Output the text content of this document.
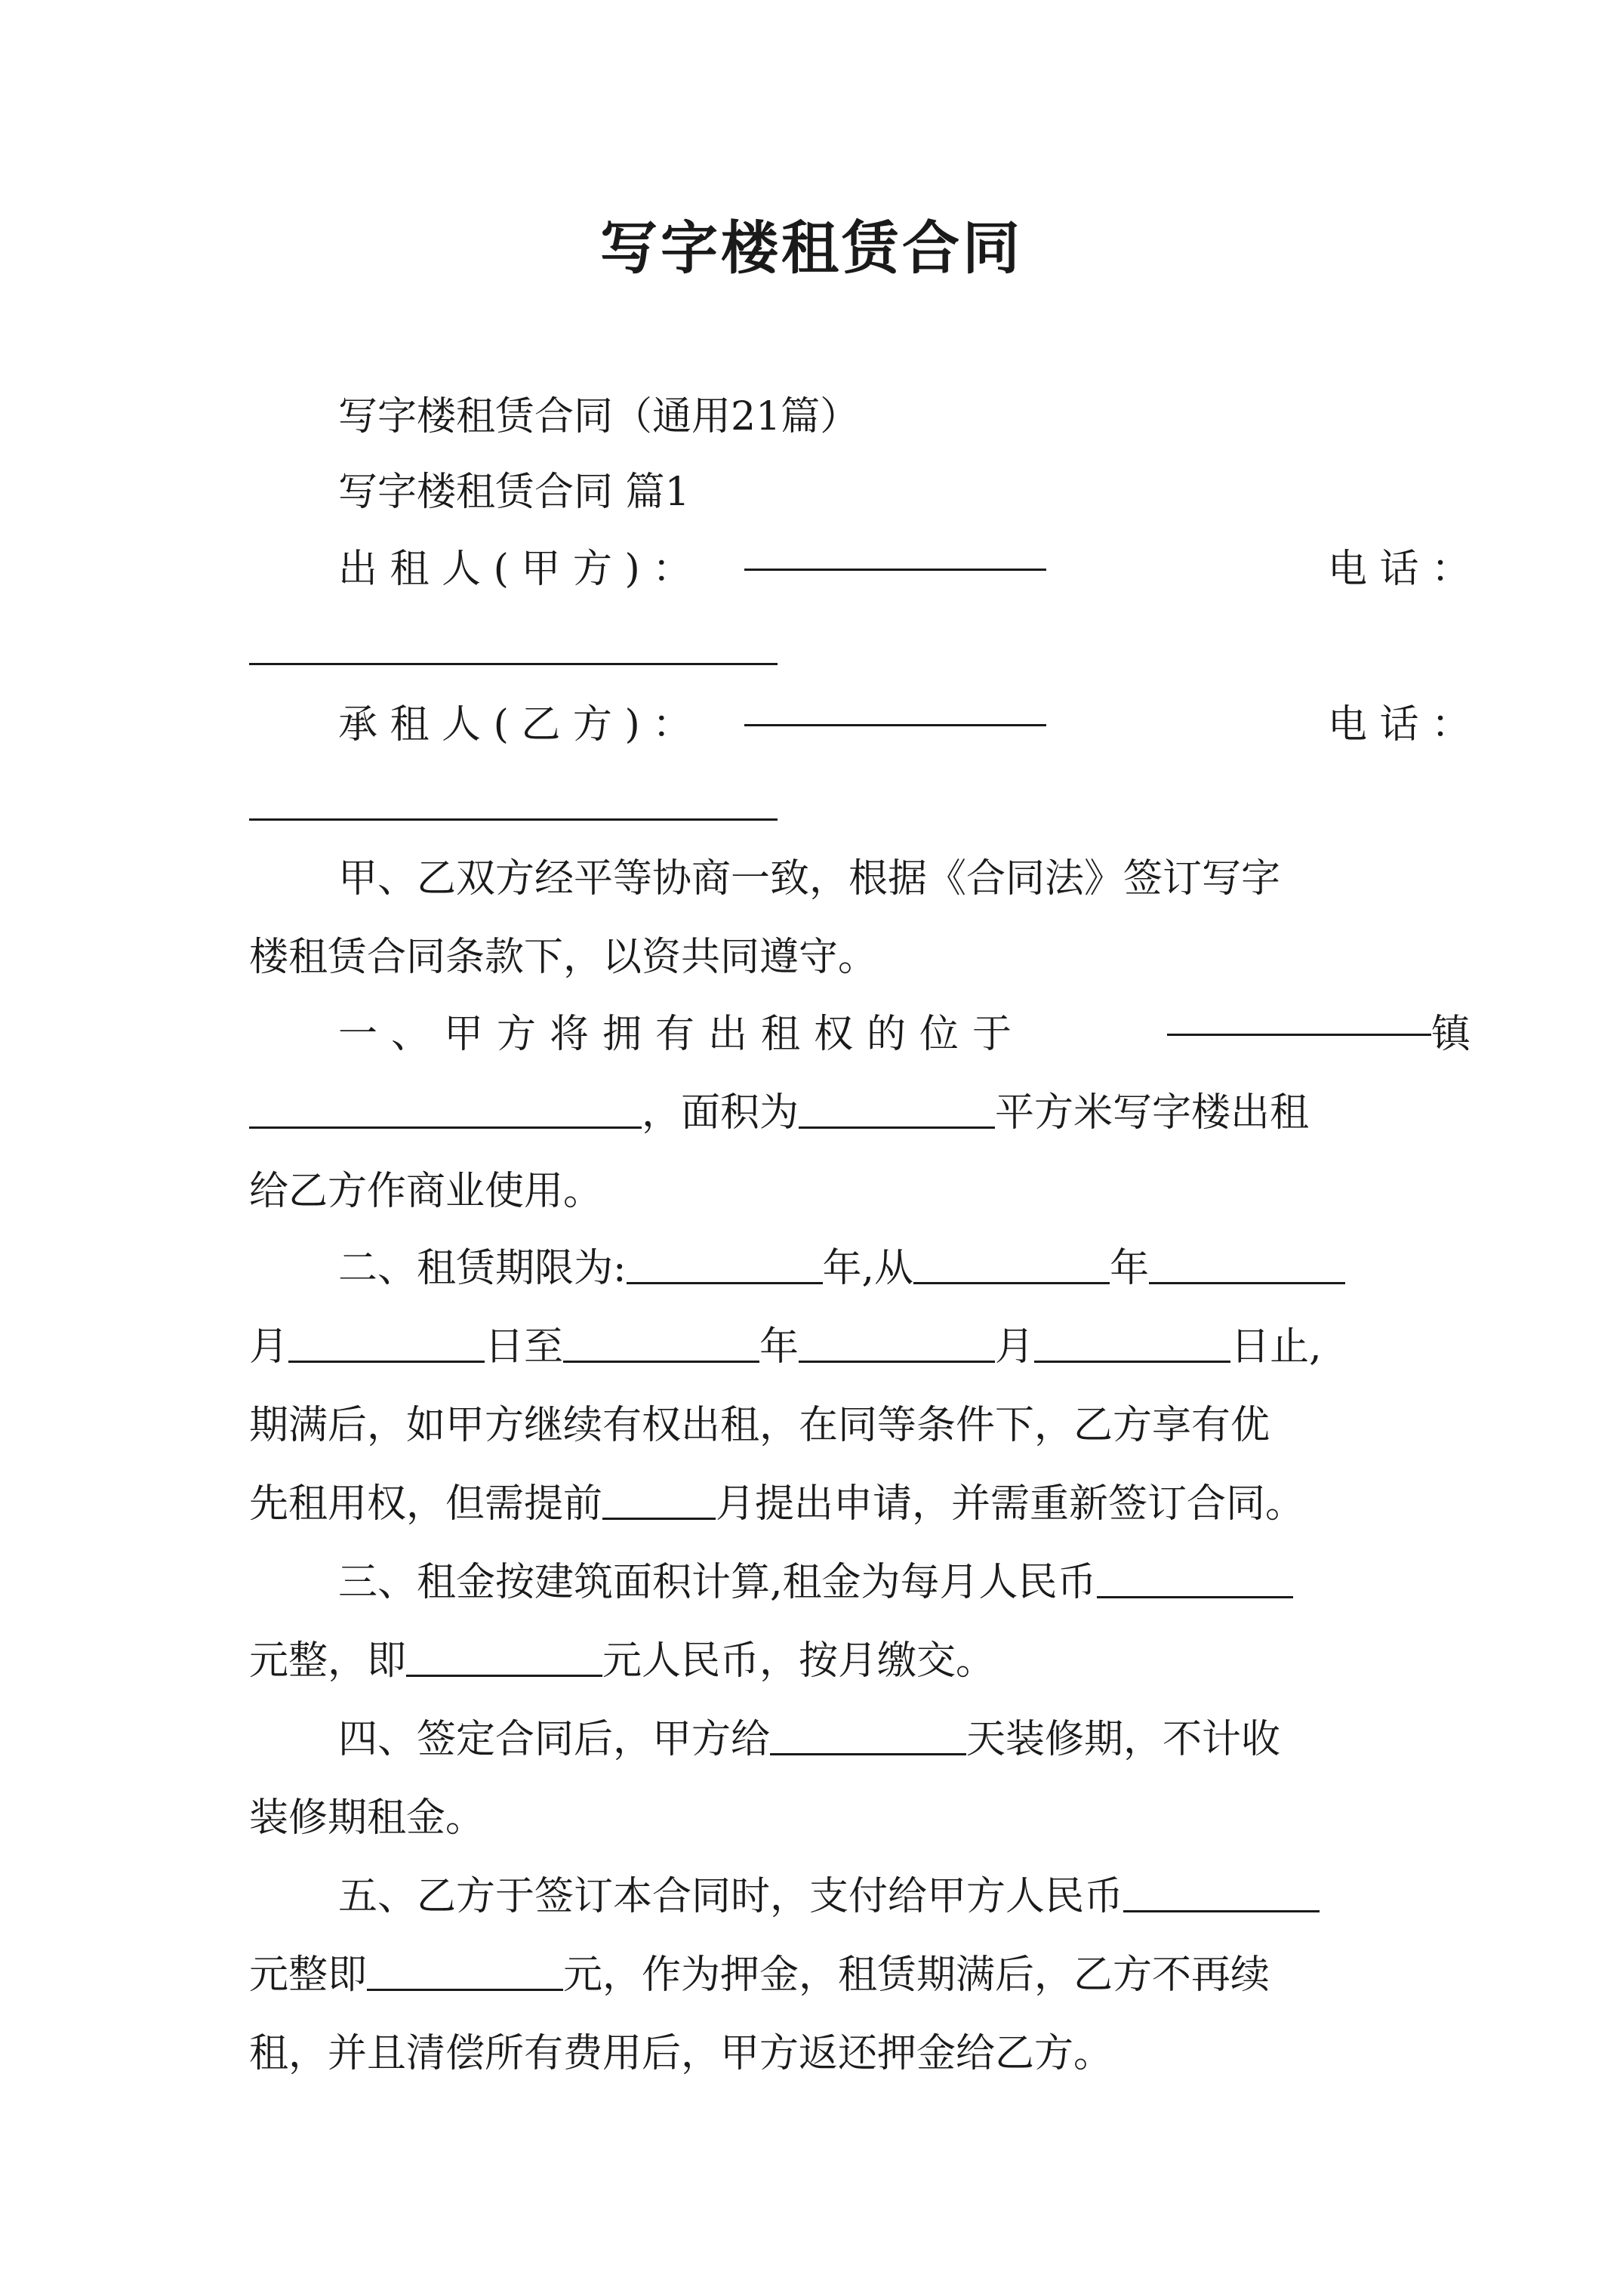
写字楼租赁合同
写字楼租赁合同（通用21篇）
写字楼租赁合同 篇1
出 租 人 ( 甲 方 ) ：	电 话 ：
承 租 人 ( 乙 方 ) ：	电 话 ：
甲、乙双方经平等协商一致，根据《合同法》签订写字
楼租赁合同条款下，以资共同遵守。
一、甲方将拥有出租权的位于	镇
，面积为	平方米写字楼出租
给乙方作商业使用。
二、租赁期限为:	年,从	年
月	日至	年	月	日止,
期满后，如甲方继续有权出租，在同等条件下，乙方享有优
先租用权，但需提前	月提出申请，并需重新签订合同。
三、租金按建筑面积计算,租金为每月人民币
元整，即	元人民币，按月缴交。
四、签定合同后，甲方给	天装修期，不计收
装修期租金。
五、乙方于签订本合同时，支付给甲方人民币
元整即	元，作为押金，租赁期满后，乙方不再续
租，并且清偿所有费用后，甲方返还押金给乙方。
